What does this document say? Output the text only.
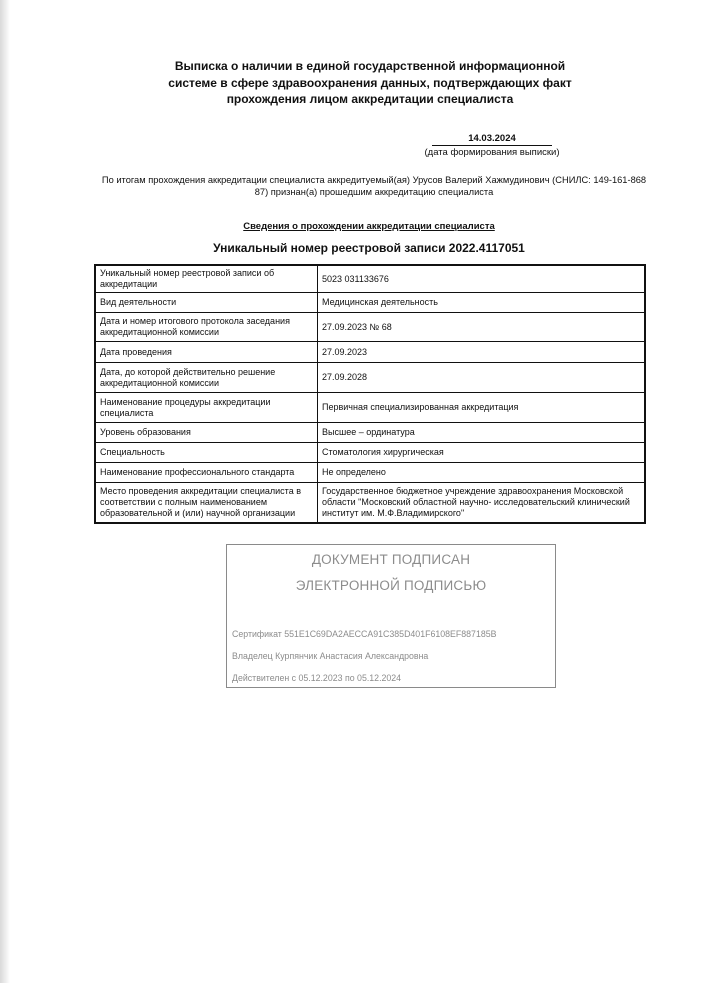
Выписка о наличии в единой государственной информационной
системе в сфере здравоохранения данных, подтверждающих факт
прохождения лицом аккредитации специалиста
14.03.2024
(дата формирования выписки)
По итогам прохождения аккредитации специалиста аккредитуемый(ая) Урусов Валерий Хажмудинович (СНИЛС: 149-161-868 87) признан(а) прошедшим аккредитацию специалиста
Сведения о прохождении аккредитации специалиста
Уникальный номер реестровой записи 2022.4117051
Уникальный номер реестровой записи об аккредитации	5023 031133676
Вид деятельности	Медицинская деятельность
Дата и номер итогового протокола заседания аккредитационной комиссии	27.09.2023 № 68
Дата проведения	27.09.2023
Дата, до которой действительно решение аккредитационной комиссии	27.09.2028
Наименование процедуры аккредитации специалиста	Первичная специализированная аккредитация
Уровень образования	Высшее – ординатура
Специальность	Стоматология хирургическая
Наименование профессионального стандарта	Не определено
Место проведения аккредитации специалиста в соответствии с полным наименованием образовательной и (или) научной организации	Государственное бюджетное учреждение здравоохранения Московской области "Московский областной научно- исследовательский клинический институт им. М.Ф.Владимирского"
ДОКУМЕНТ ПОДПИСАН
ЭЛЕКТРОННОЙ ПОДПИСЬЮ
Сертификат 551E1C69DA2AECCA91C385D401F6108EF887185B
Владелец Курпянчик Анастасия Александровна
Действителен с 05.12.2023 по 05.12.2024
